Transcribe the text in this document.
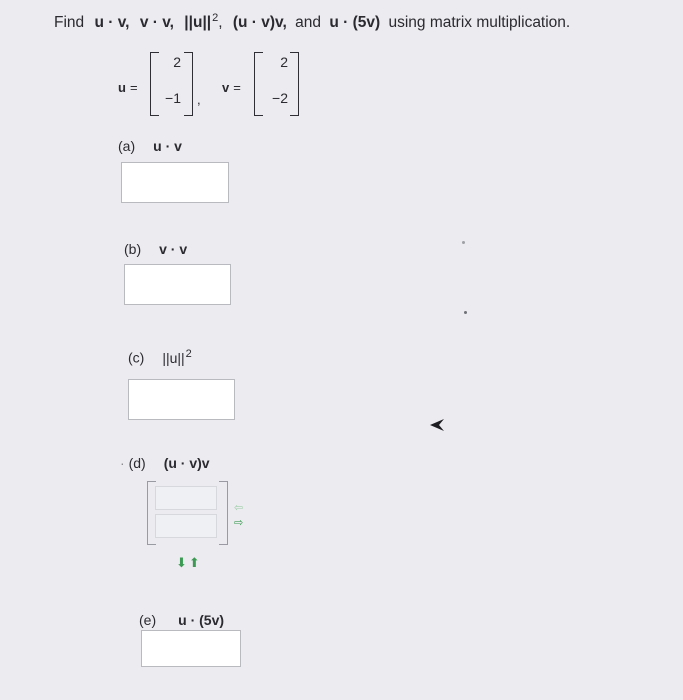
Find u · v, v · v, $||u||^2$, (u · v)v, and u · (5v) using matrix multiplication.
u =
2
−1 ,
v =
2
−2
(a) u · v
(b) v · v
(c) $||u||^2$
· (d) (u · v)v
⇦
⇨
⬇⬆
(e) u · (5v)
